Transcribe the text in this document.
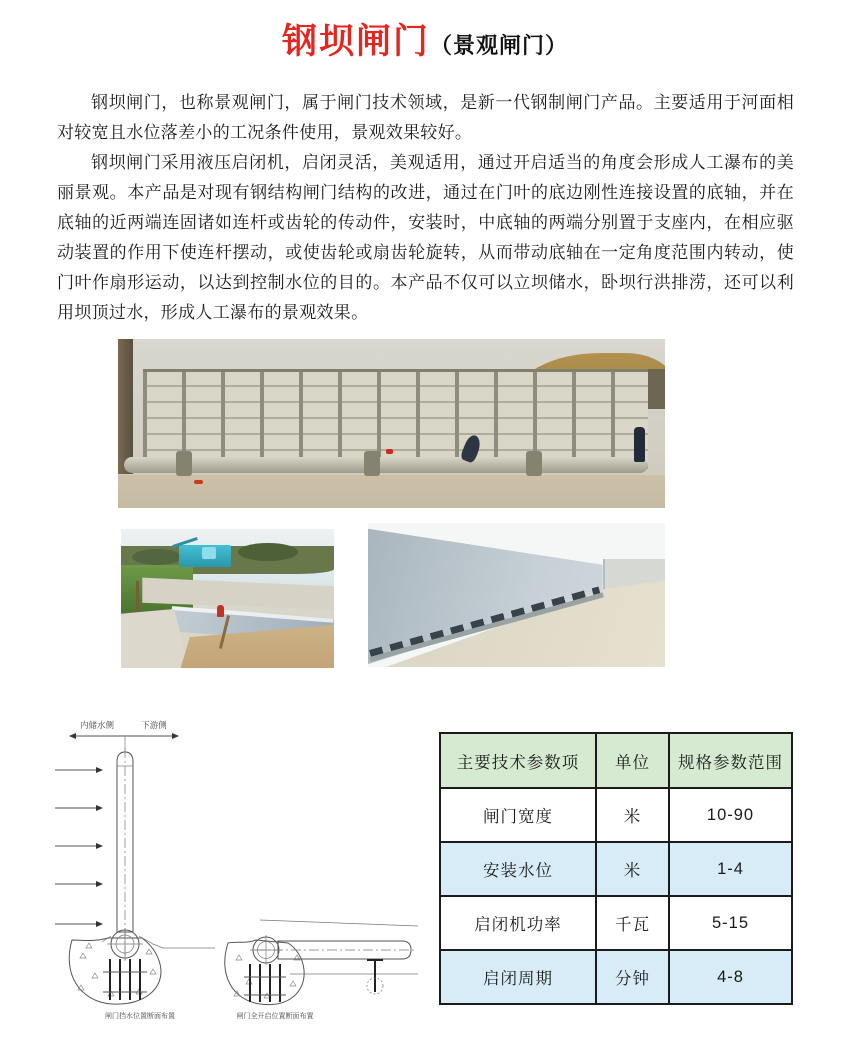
钢坝闸门（景观闸门）

钢坝闸门，也称景观闸门，属于闸门技术领域，是新一代钢制闸门产品。主要适用于河面相对较宽且水位落差小的工况条件使用，景观效果较好。

钢坝闸门采用液压启闭机，启闭灵活，美观适用，通过开启适当的角度会形成人工瀑布的美丽景观。本产品是对现有钢结构闸门结构的改进，通过在门叶的底边刚性连接设置的底轴，并在底轴的近两端连固诸如连杆或齿轮的传动件，安装时，中底轴的两端分别置于支座内，在相应驱动装置的作用下使连杆摆动，或使齿轮或扇齿轮旋转，从而带动底轴在一定角度范围内转动，使门叶作扇形运动，以达到控制水位的目的。本产品不仅可以立坝储水，卧坝行洪排涝，还可以利用坝顶过水，形成人工瀑布的景观效果。

内储水侧	下游侧
闸门挡水位置断面布置	闸门全开启位置断面布置
主要技术参数项	单位	规格参数范围
闸门宽度	米	10-90
安装水位	米	1-4
启闭机功率	千瓦	5-15
启闭周期	分钟	4-8
